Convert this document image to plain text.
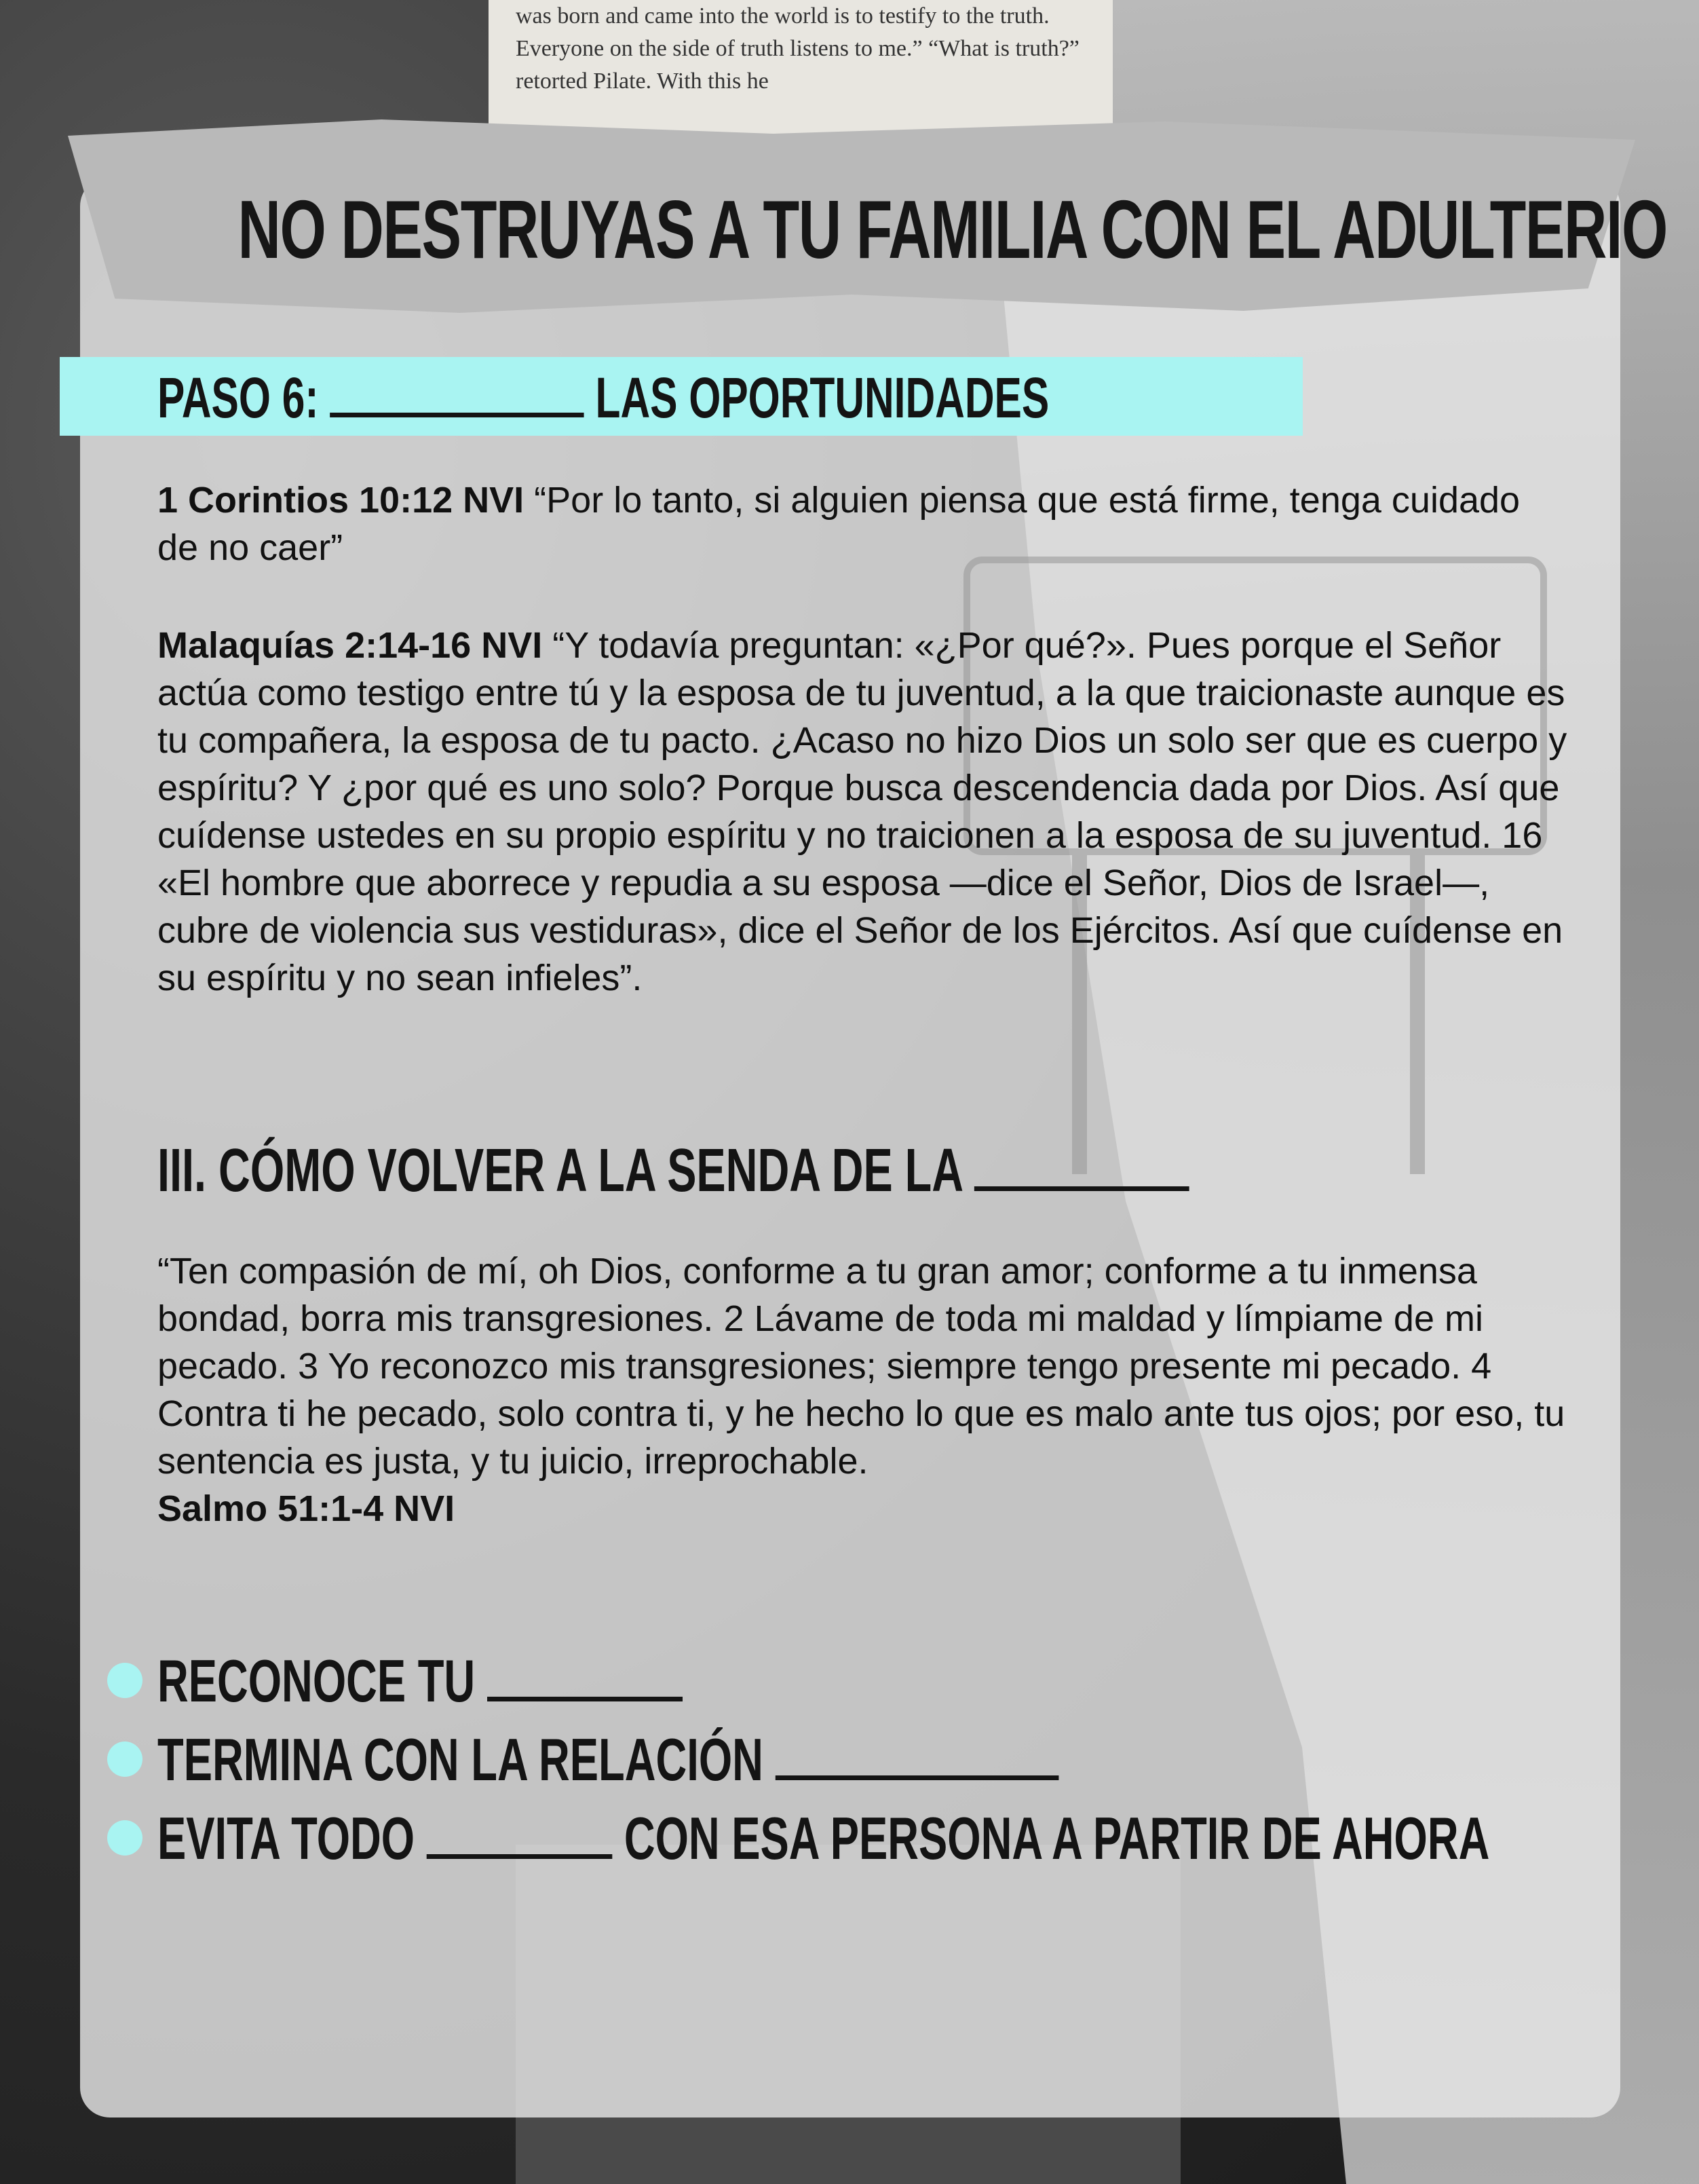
was born and came into the world is to testify to the truth. Everyone on the side of truth listens to me.” “What is truth?” retorted Pilate. With this he
NO DESTRUYAS A TU FAMILIA CON EL ADULTERIO
PASO 6:	LAS OPORTUNIDADES
1 Corintios 10:12 NVI “Por lo tanto, si alguien piensa que está firme, tenga cuidado de no caer”
Malaquías 2:14-16 NVI “Y todavía preguntan: «¿Por qué?». Pues porque el Señor actúa como testigo entre tú y la esposa de tu juventud, a la que traicionaste aunque es tu compañera, la esposa de tu pacto. ¿Acaso no hizo Dios un solo ser que es cuerpo y espíritu? Y ¿por qué es uno solo? Porque busca descendencia dada por Dios. Así que cuídense ustedes en su propio espíritu y no traicionen a la esposa de su juventud. 16 «El hombre que aborrece y repudia a su esposa —dice el Señor, Dios de Israel—, cubre de violencia sus vestiduras», dice el Señor de los Ejércitos. Así que cuídense en su espíritu y no sean infieles”.
III. CÓMO VOLVER A LA SENDA DE LA
“Ten compasión de mí, oh Dios, conforme a tu gran amor; conforme a tu inmensa bondad, borra mis transgresiones. 2 Lávame de toda mi maldad y límpiame de mi pecado. 3 Yo reconozco mis transgresiones; siempre tengo presente mi pecado. 4 Contra ti he pecado, solo contra ti, y he hecho lo que es malo ante tus ojos; por eso, tu sentencia es justa, y tu juicio, irreprochable.
Salmo 51:1-4 NVI
RECONOCE TU
TERMINA CON LA RELACIÓN
EVITA TODO	CON ESA PERSONA A PARTIR DE AHORA
